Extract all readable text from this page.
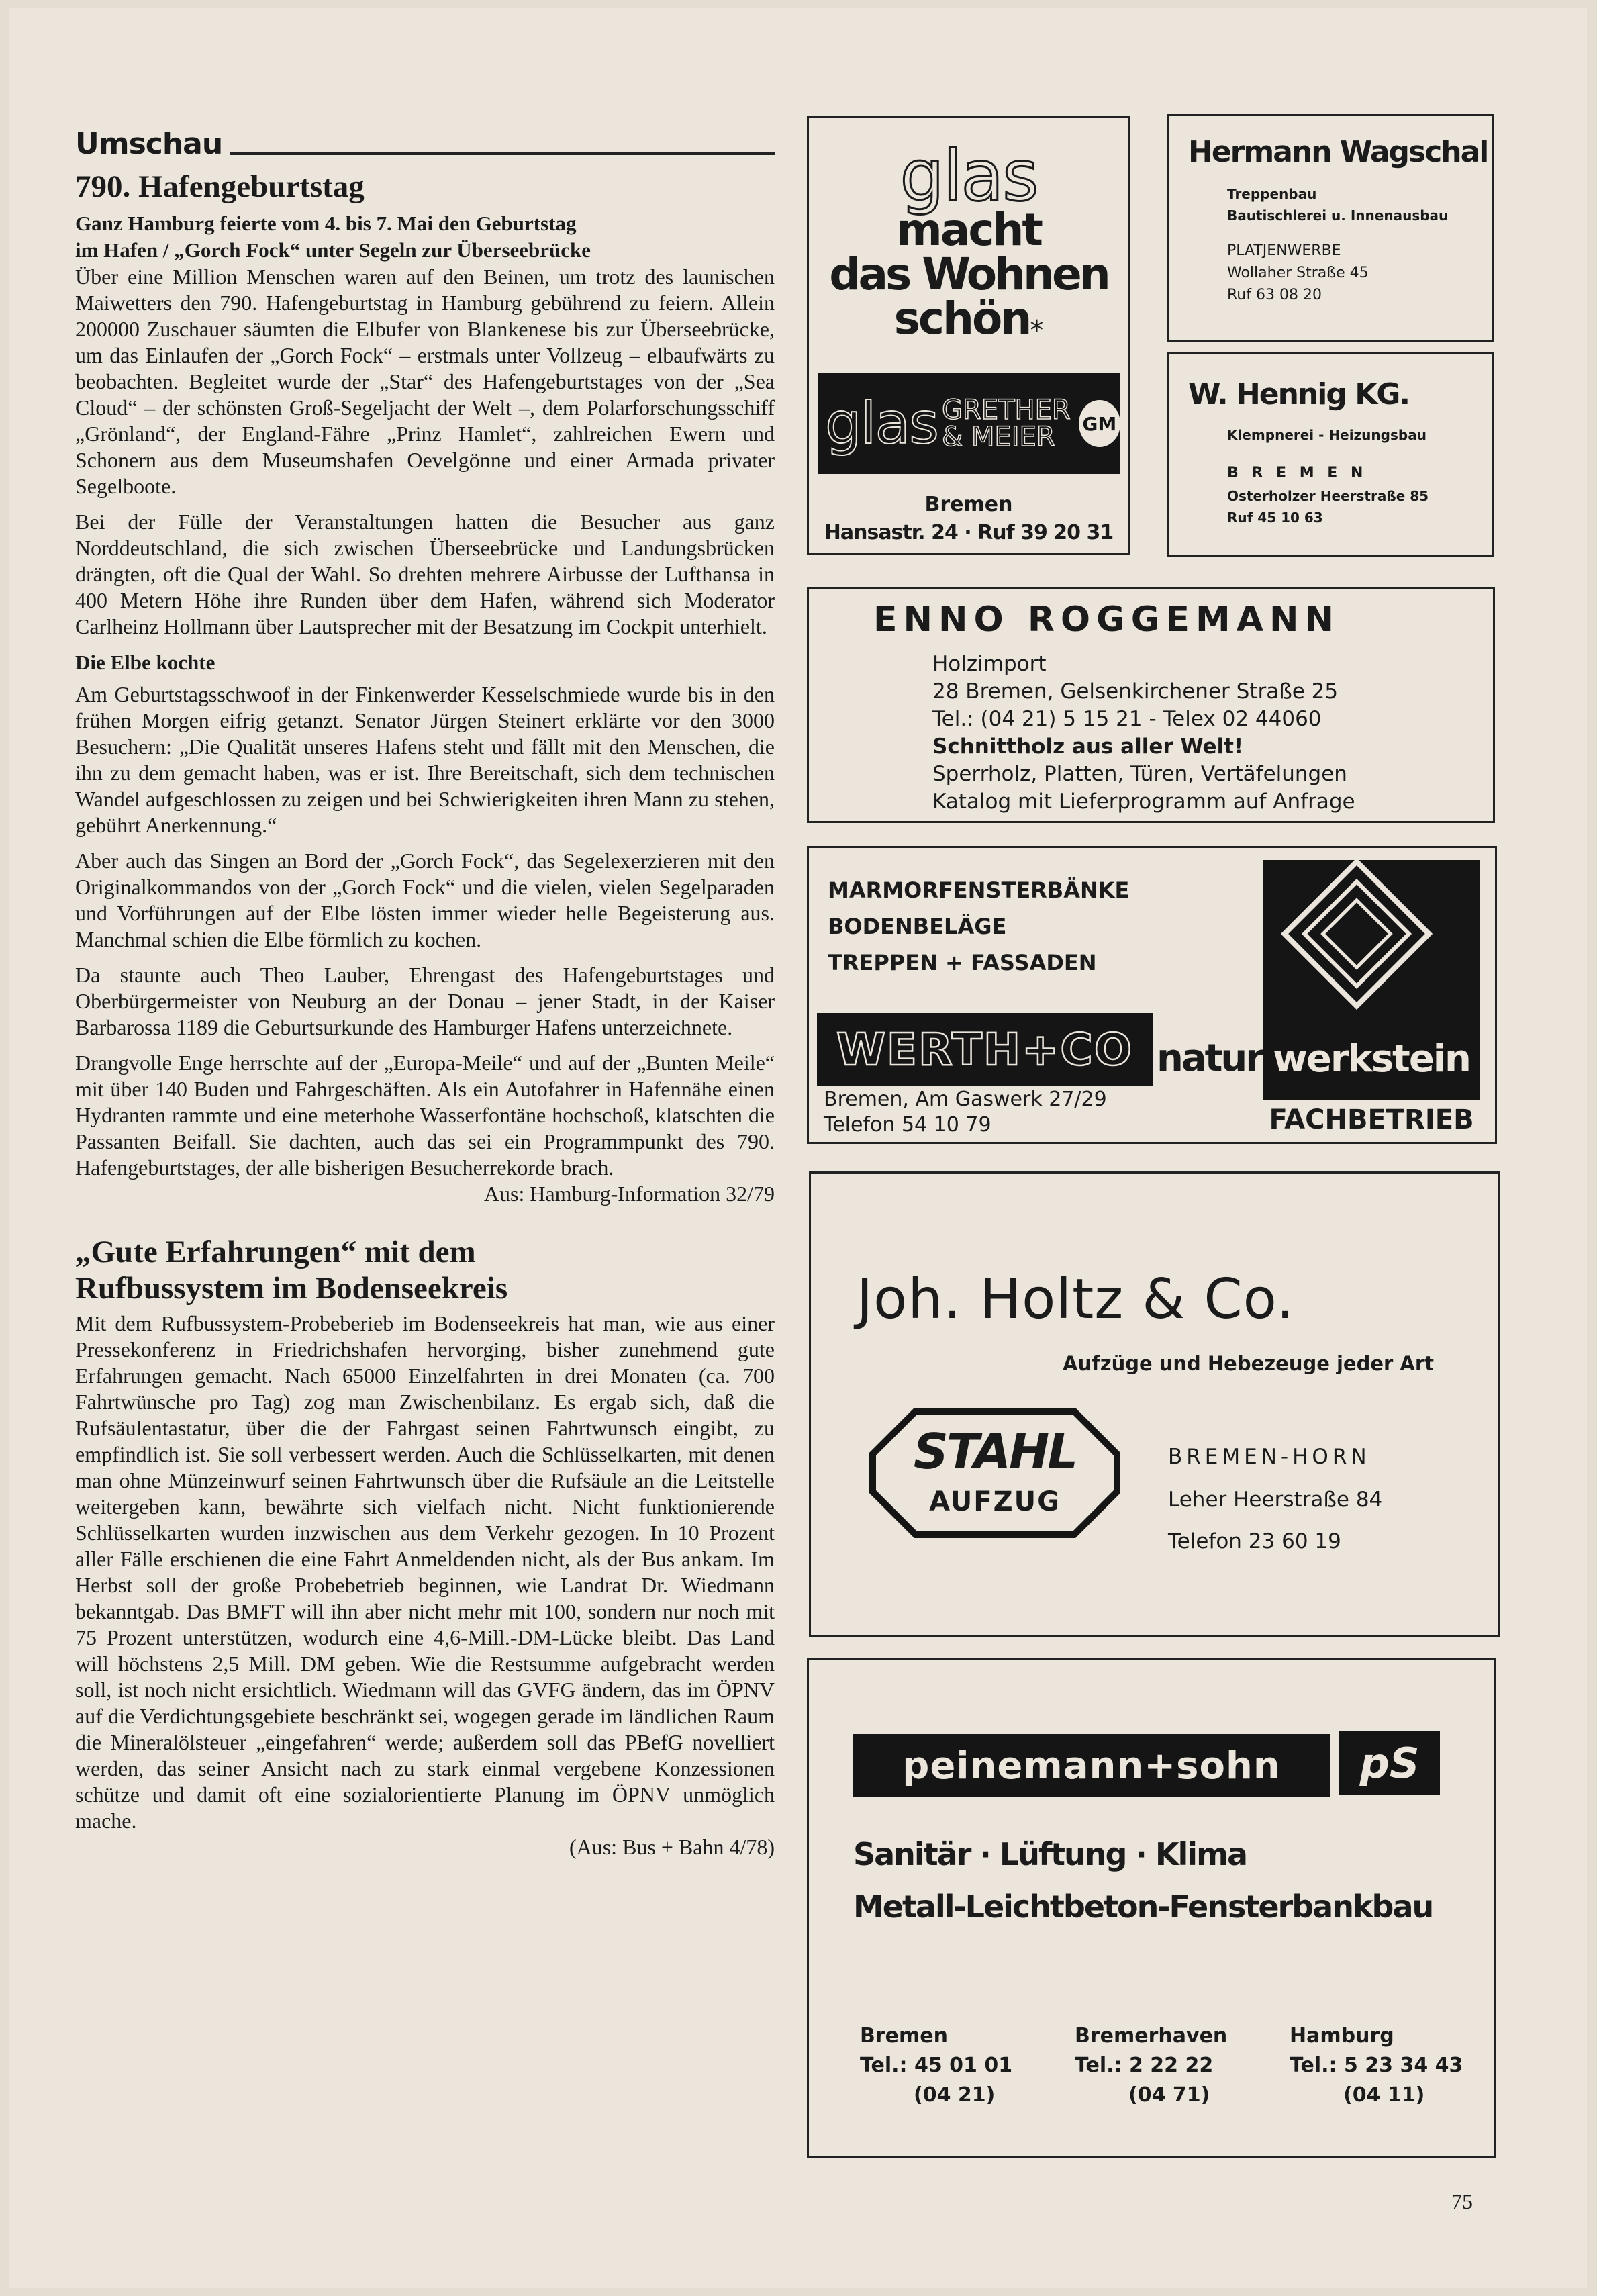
Umschau
790. Hafengeburtstag
Ganz Hamburg feierte vom 4. bis 7. Mai den Geburtstag
im Hafen / „Gorch Fock“ unter Segeln zur Überseebrücke

Über eine Million Menschen waren auf den Beinen, um trotz des launischen Maiwetters den 790. Hafengeburtstag in Hamburg gebührend zu feiern. Allein 200000 Zuschauer säumten die Elbufer von Blankenese bis zur Überseebrücke, um das Einlaufen der „Gorch Fock“ – erstmals unter Vollzeug – elbaufwärts zu beobachten. Begleitet wurde der „Star“ des Hafengeburtstages von der „Sea Cloud“ – der schönsten Groß-Segeljacht der Welt –, dem Polarforschungsschiff „Grönland“, der England-Fähre „Prinz Hamlet“, zahlreichen Ewern und Schonern aus dem Museumshafen Oevelgönne und einer Armada privater Segelboote.

Bei der Fülle der Veranstaltungen hatten die Besucher aus ganz Norddeutschland, die sich zwischen Überseebrücke und Landungsbrücken drängten, oft die Qual der Wahl. So drehten mehrere Airbusse der Lufthansa in 400 Metern Höhe ihre Runden über dem Hafen, während sich Moderator Carlheinz Hollmann über Lautsprecher mit der Besatzung im Cockpit unterhielt.

Die Elbe kochte

Am Geburtstagsschwoof in der Finkenwerder Kesselschmiede wurde bis in den frühen Morgen eifrig getanzt. Senator Jürgen Steinert erklärte vor den 3000 Besuchern: „Die Qualität unseres Hafens steht und fällt mit den Menschen, die ihn zu dem gemacht haben, was er ist. Ihre Bereitschaft, sich dem technischen Wandel aufgeschlossen zu zeigen und bei Schwierigkeiten ihren Mann zu stehen, gebührt Anerkennung.“

Aber auch das Singen an Bord der „Gorch Fock“, das Segelexerzieren mit den Originalkommandos von der „Gorch Fock“ und die vielen, vielen Segelparaden und Vorführungen auf der Elbe lösten immer wieder helle Begeisterung aus. Manchmal schien die Elbe förmlich zu kochen.

Da staunte auch Theo Lauber, Ehrengast des Hafengeburtstages und Oberbürgermeister von Neuburg an der Donau – jener Stadt, in der Kaiser Barbarossa 1189 die Geburtsurkunde des Hamburger Hafens unterzeichnete.

Drangvolle Enge herrschte auf der „Europa-Meile“ und auf der „Bunten Meile“ mit über 140 Buden und Fahrgeschäften. Als ein Autofahrer in Hafennähe einen Hydranten rammte und eine meterhohe Wasserfontäne hochschoß, klatschten die Passanten Beifall. Sie dachten, auch das sei ein Programmpunkt des 790. Hafengeburtstages, der alle bisherigen Besucherrekorde brach.

Aus: Hamburg-Information 32/79
„Gute Erfahrungen“ mit dem
Rufbussystem im Bodenseekreis

Mit dem Rufbussystem-Probeberieb im Bodenseekreis hat man, wie aus einer Pressekonferenz in Friedrichshafen hervorging, bisher zunehmend gute Erfahrungen gemacht. Nach 65000 Einzelfahrten in drei Monaten (ca. 700 Fahrtwünsche pro Tag) zog man Zwischenbilanz. Es ergab sich, daß die Rufsäulentastatur, über die der Fahrgast seinen Fahrtwunsch eingibt, zu empfindlich ist. Sie soll verbessert werden. Auch die Schlüsselkarten, mit denen man ohne Münzeinwurf seinen Fahrtwunsch über die Rufsäule an die Leitstelle weitergeben kann, bewährte sich vielfach nicht. Nicht funktionierende Schlüsselkarten wurden inzwischen aus dem Verkehr gezogen. In 10 Prozent aller Fälle erschienen die eine Fahrt Anmeldenden nicht, als der Bus ankam. Im Herbst soll der große Probebetrieb beginnen, wie Landrat Dr. Wiedmann bekanntgab. Das BMFT will ihn aber nicht mehr mit 100, sondern nur noch mit 75 Prozent unterstützen, wodurch eine 4,6-Mill.-DM-Lücke bleibt. Das Land will höchstens 2,5 Mill. DM geben. Wie die Restsumme aufgebracht werden soll, ist noch nicht ersichtlich. Wiedmann will das GVFG ändern, das im ÖPNV auf die Verdichtungsgebiete beschränkt sei, wogegen gerade im ländlichen Raum die Mineralölsteuer „eingefahren“ werde; außerdem soll das PBefG novelliert werden, das seiner Ansicht nach zu stark einmal vergebene Konzessionen schütze und damit oft eine sozialorientierte Planung im ÖPNV unmöglich mache.

(Aus: Bus + Bahn 4/78)
glas
macht
das Wohnen
schön*
glas GRETHER
& MEIER	GM
Bremen
Hansastr. 24 · Ruf 39 20 31
Hermann Wagschal
Treppenbau
Bautischlerei u. Innenausbau
PLATJENWERBE
Wollaher Straße 45
Ruf 63 08 20
W. Hennig KG.
Klempnerei - Heizungsbau
B R E M E N
Osterholzer Heerstraße 85
Ruf 45 10 63
ENNO ROGGEMANN
Holzimport
28 Bremen, Gelsenkirchener Straße 25
Tel.: (04 21) 5 15 21 - Telex 02 44060
Schnittholz aus aller Welt!
Sperrholz, Platten, Türen, Vertäfelungen
Katalog mit Lieferprogramm auf Anfrage
MARMORFENSTERBÄNKE
BODENBELÄGE
TREPPEN + FASSADEN
WERTH+CO natur werkstein
FACHBETRIEB
Bremen, Am Gaswerk 27/29
Telefon 54 10 79
Joh. Holtz & Co.
Aufzüge und Hebezeuge jeder Art
STAHL
AUFZUG
BREMEN-HORN
Leher Heerstraße 84
Telefon 23 60 19
peinemann+sohn	pS
Sanitär · Lüftung · Klima
Metall-Leichtbeton-Fensterbankbau
Bremen
Tel.: 45 01 01
(04 21)
Bremerhaven
Tel.: 2 22 22
(04 71)
Hamburg
Tel.: 5 23 34 43
(04 11)
75
